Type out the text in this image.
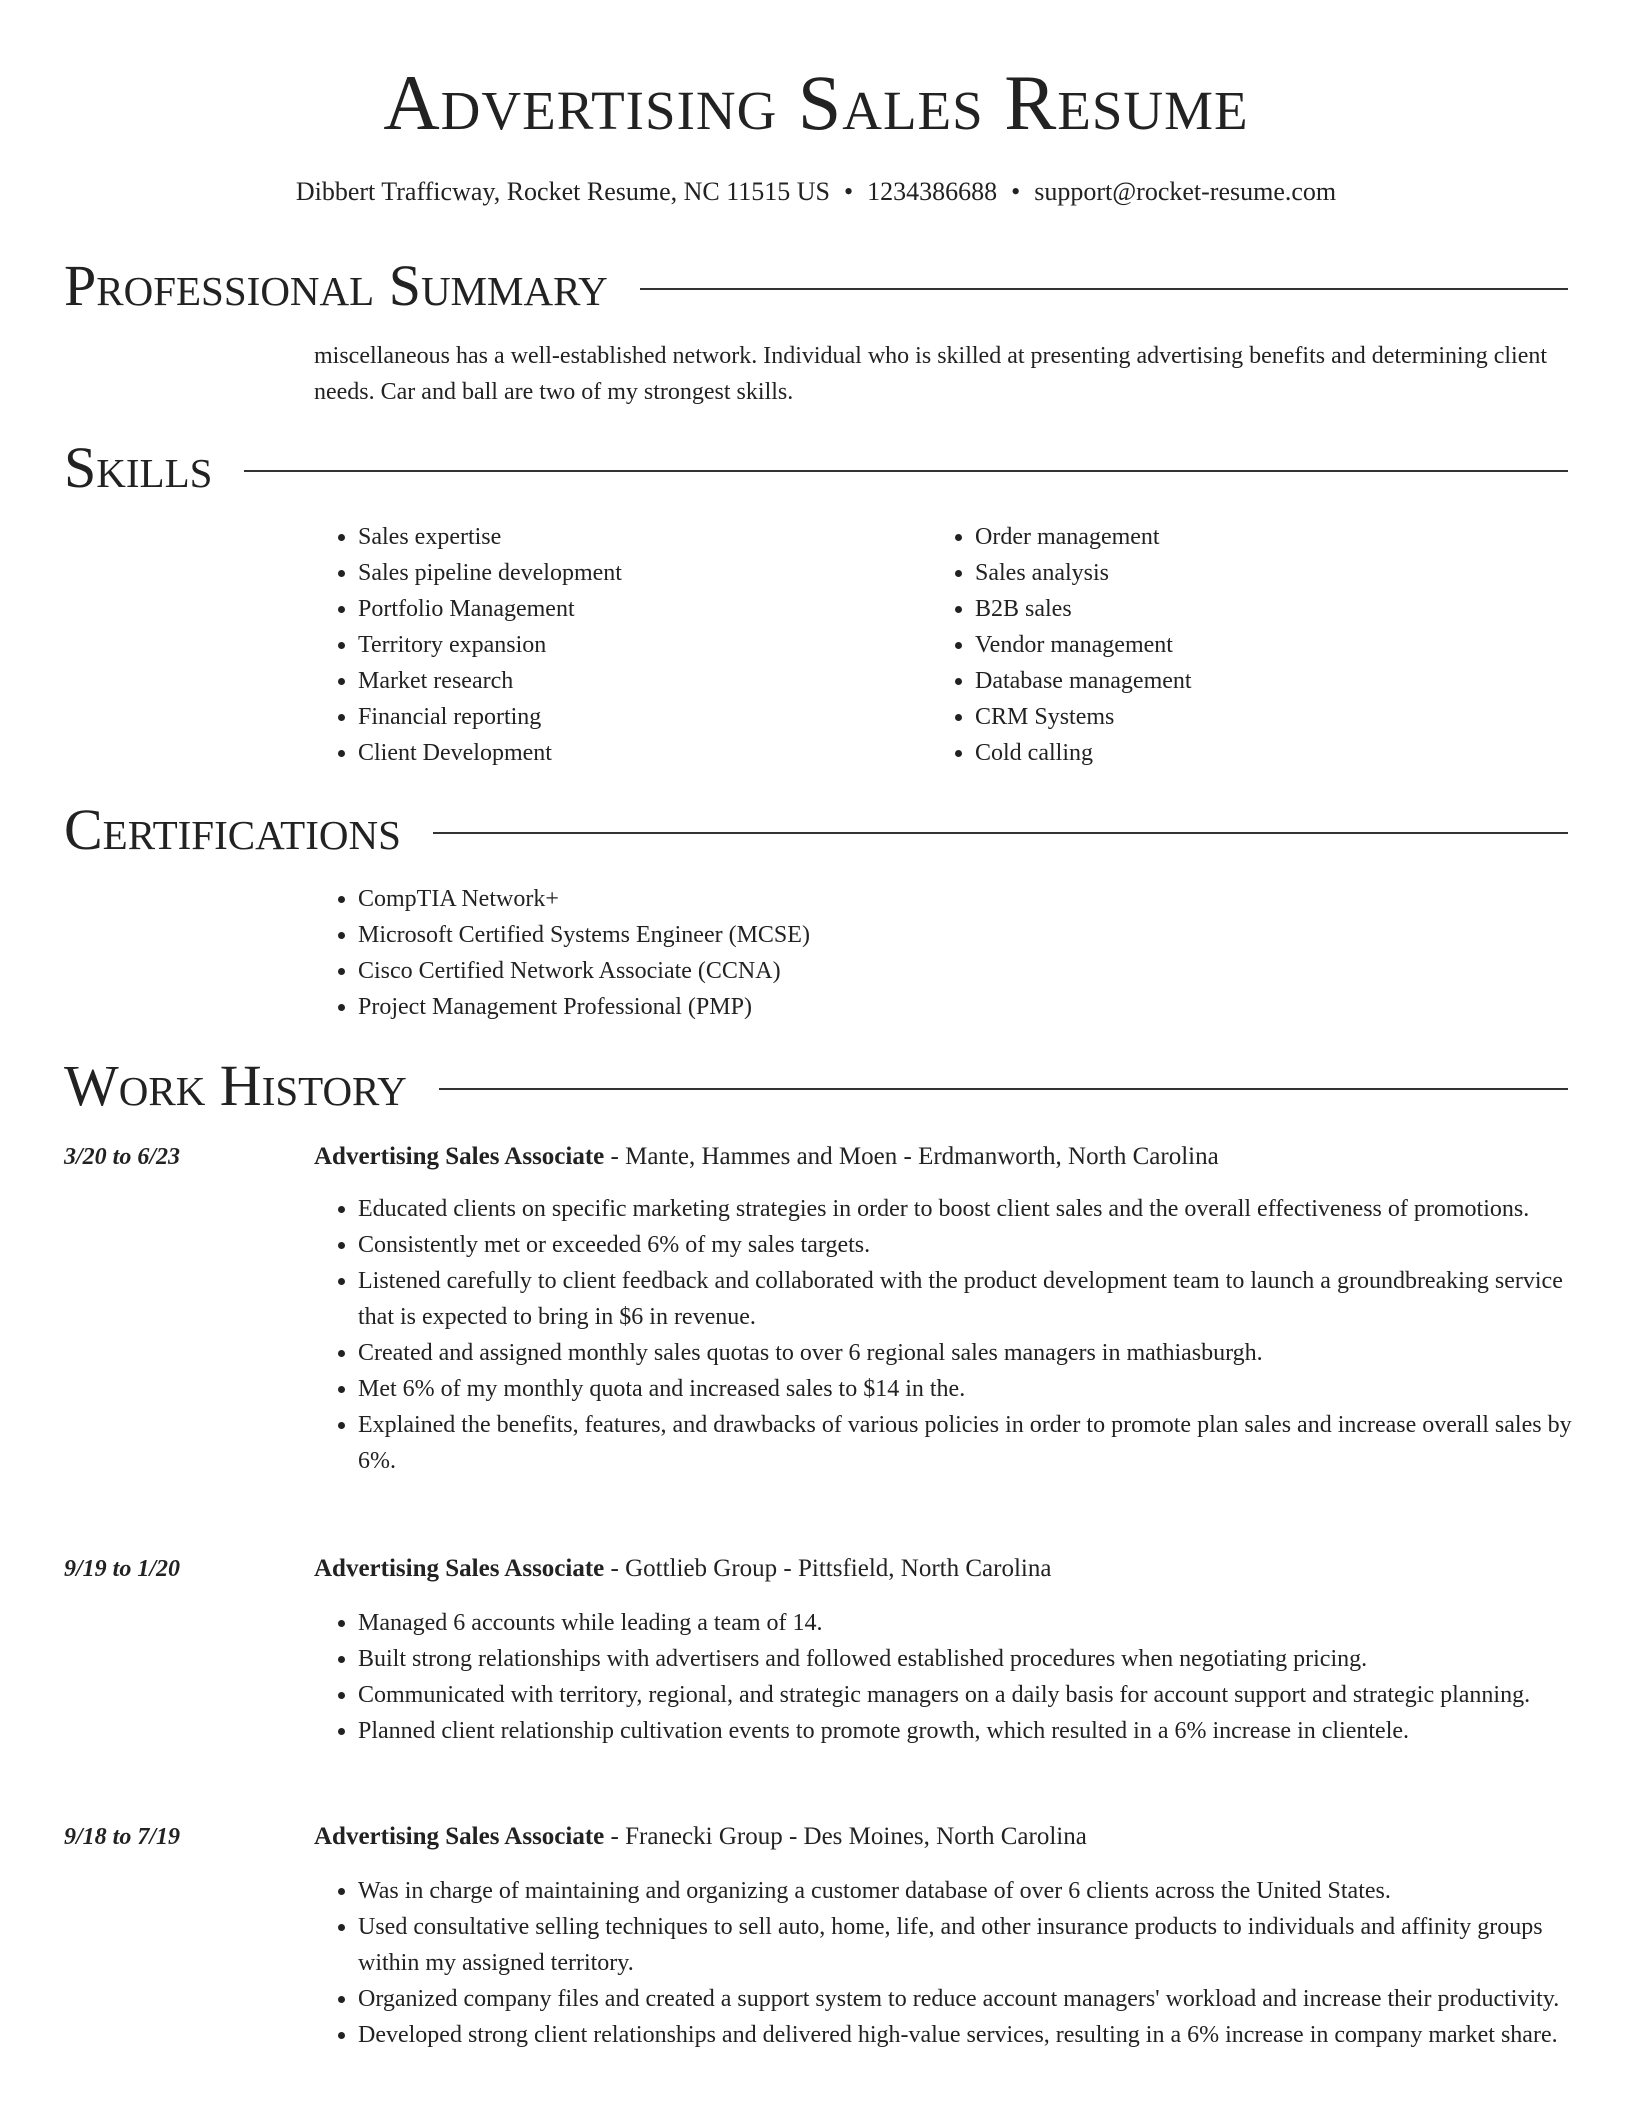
Advertising Sales Resume
Dibbert Trafficway, Rocket Resume, NC 11515 US • 1234386688 • support@rocket-resume.com
Professional Summary

miscellaneous has a well-established network. Individual who is skilled at presenting advertising benefits and determining client needs. Car and ball are two of my strongest skills.

Skills
• Sales expertise
• Sales pipeline development
• Portfolio Management
• Territory expansion
• Market research
• Financial reporting
• Client Development
• Order management
• Sales analysis
• B2B sales
• Vendor management
• Database management
• CRM Systems
• Cold calling
Certifications
• CompTIA Network+
• Microsoft Certified Systems Engineer (MCSE)
• Cisco Certified Network Associate (CCNA)
• Project Management Professional (PMP)
Work History
3/20 to 6/23	Advertising Sales Associate - Mante, Hammes and Moen - Erdmanworth, North Carolina
• Educated clients on specific marketing strategies in order to boost client sales and the overall effectiveness of promotions.
• Consistently met or exceeded 6% of my sales targets.
• Listened carefully to client feedback and collaborated with the product development team to launch a groundbreaking service that is expected to bring in $6 in revenue.
• Created and assigned monthly sales quotas to over 6 regional sales managers in mathiasburgh.
• Met 6% of my monthly quota and increased sales to $14 in the.
• Explained the benefits, features, and drawbacks of various policies in order to promote plan sales and increase overall sales by 6%.
9/19 to 1/20	Advertising Sales Associate - Gottlieb Group - Pittsfield, North Carolina
• Managed 6 accounts while leading a team of 14.
• Built strong relationships with advertisers and followed established procedures when negotiating pricing.
• Communicated with territory, regional, and strategic managers on a daily basis for account support and strategic planning.
• Planned client relationship cultivation events to promote growth, which resulted in a 6% increase in clientele.
9/18 to 7/19	Advertising Sales Associate - Franecki Group - Des Moines, North Carolina
• Was in charge of maintaining and organizing a customer database of over 6 clients across the United States.
• Used consultative selling techniques to sell auto, home, life, and other insurance products to individuals and affinity groups within my assigned territory.
• Organized company files and created a support system to reduce account managers' workload and increase their productivity.
• Developed strong client relationships and delivered high-value services, resulting in a 6% increase in company market share.
